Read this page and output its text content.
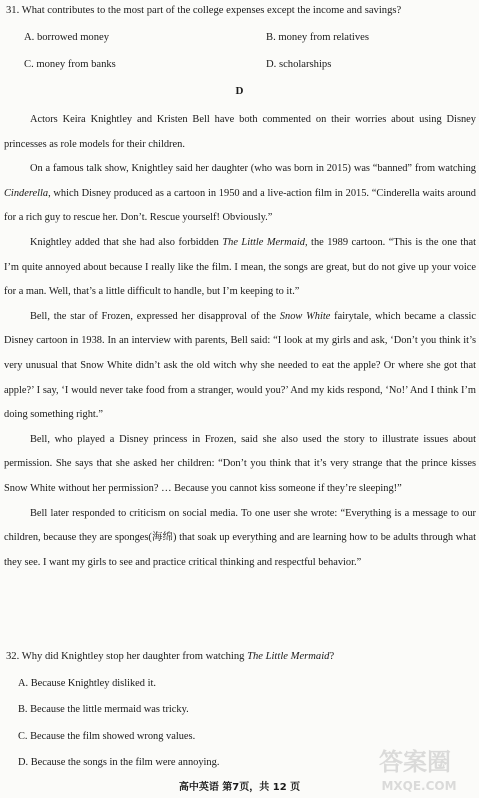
31. What contributes to the most part of the college expenses except the income and savings?
A. borrowed money	B. money from relatives
C. money from banks	D. scholarships
D

Actors Keira Knightley and Kristen Bell have both commented on their worries about using Disney princesses as role models for their children.

On a famous talk show, Knightley said her daughter (who was born in 2015) was “banned” from watching Cinderella, which Disney produced as a cartoon in 1950 and a live-action film in 2015. “Cinderella waits around for a rich guy to rescue her. Don’t. Rescue yourself! Obviously.”

Knightley added that she had also forbidden The Little Mermaid, the 1989 cartoon. “This is the one that I’m quite annoyed about because I really like the film. I mean, the songs are great, but do not give up your voice for a man. Well, that’s a little difficult to handle, but I’m keeping to it.”

Bell, the star of Frozen, expressed her disapproval of the Snow White fairytale, which became a classic Disney cartoon in 1938. In an interview with parents, Bell said: “I look at my girls and ask, ‘Don’t you think it’s very unusual that Snow White didn’t ask the old witch why she needed to eat the apple? Or where she got that apple?’ I say, ‘I would never take food from a stranger, would you?’ And my kids respond, ‘No!’ And I think I’m doing something right.”

Bell, who played a Disney princess in Frozen, said she also used the story to illustrate issues about permission. She says that she asked her children: “Don’t you think that it’s very strange that the prince kisses Snow White without her permission? … Because you cannot kiss someone if they’re sleeping!”

Bell later responded to criticism on social media. To one user she wrote: “Everything is a message to our children, because they are sponges(海绵) that soak up everything and are learning how to be adults through what they see. I want my girls to see and practice critical thinking and respectful behavior.”

32. Why did Knightley stop her daughter from watching The Little Mermaid?
A. Because Knightley disliked it.
B. Because the little mermaid was tricky.
C. Because the film showed wrong values.
D. Because the songs in the film were annoying.
高中英语 第7页，共 12 页
答案圈
MXQE.COM
